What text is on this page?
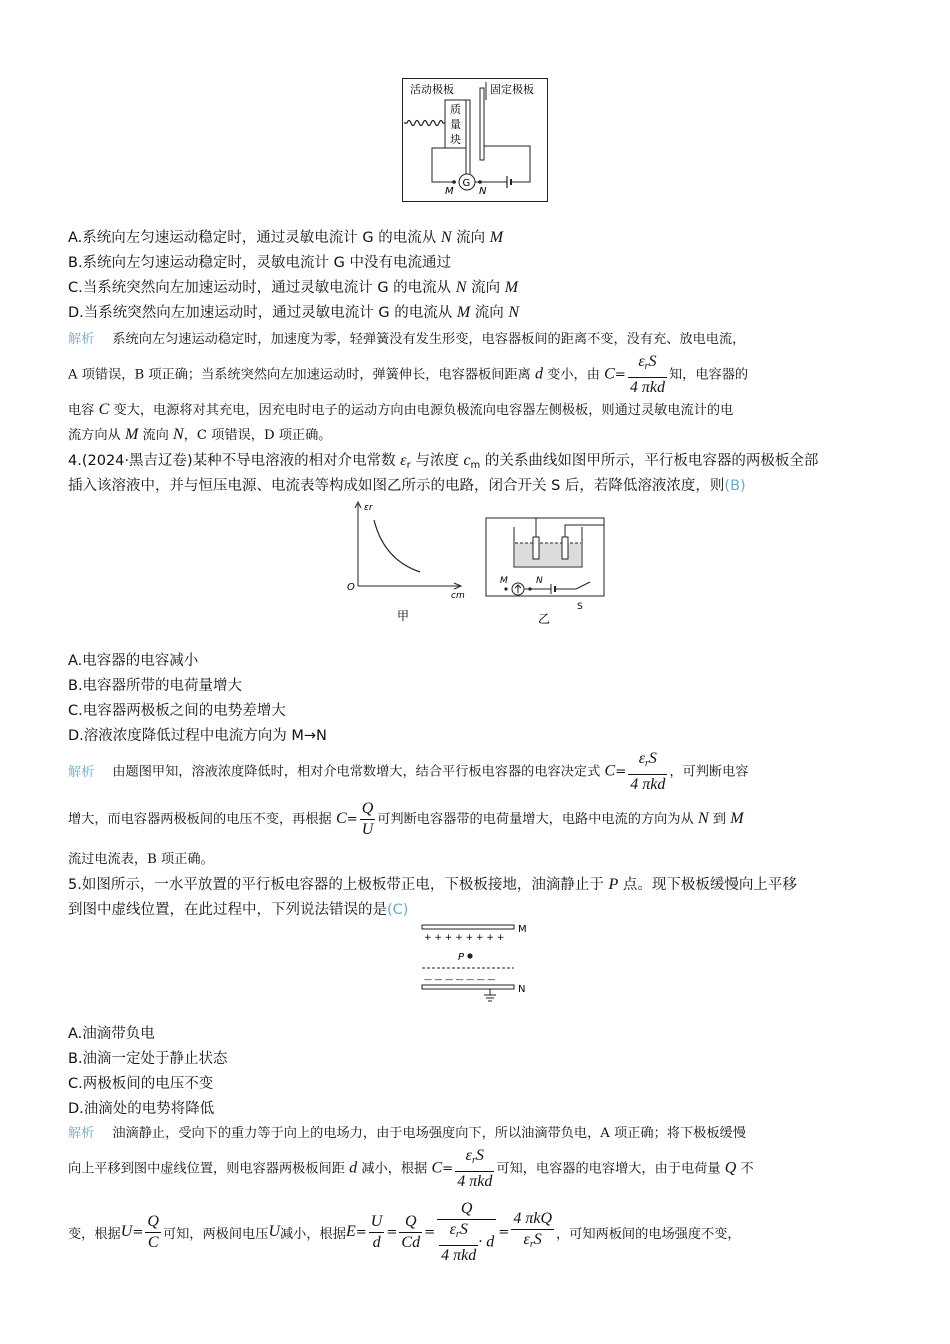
活动极板	固定极板
质
量
块
G
M	N
A.系统向左匀速运动稳定时，通过灵敏电流计 G 的电流从 N 流向 M
B.系统向左匀速运动稳定时，灵敏电流计 G 中没有电流通过
C.当系统突然向左加速运动时，通过灵敏电流计 G 的电流从 N 流向 M
D.当系统突然向左加速运动时，通过灵敏电流计 G 的电流从 M 流向 N
解析 系统向左匀速运动稳定时，加速度为零，轻弹簧没有发生形变，电容器板间的距离不变，没有充、放电电流，
A 项错误，B 项正确；当系统突然向左加速运动时，弹簧伸长，电容器板间距离 d 变小，由 $C= \frac{\varepsilon_rS}{\text{4 πkd}}$ 知，电容器的
电容 C 变大，电源将对其充电，因充电时电子的运动方向由电源负极流向电容器左侧极板，则通过灵敏电流计的电
流方向从 M 流向 N，C 项错误，D 项正确。
4.(2024·黑吉辽卷)某种不导电溶液的相对介电常数 $\varepsilon_r$ 与浓度 $c_m$ 的关系曲线如图甲所示，平行板电容器的两极板全部
插入该溶液中，并与恒压电源、电流表等构成如图乙所示的电路，闭合开关 S 后，若降低溶液浓度，则(B)
εr
cm
O
甲
M	N
S
乙
A.电容器的电容减小
B.电容器所带的电荷量增大
C.电容器两极板之间的电势差增大
D.溶液浓度降低过程中电流方向为 M→N
解析 由题图甲知，溶液浓度降低时，相对介电常数增大，结合平行板电容器的电容决定式 $C= \frac{\varepsilon_rS}{\text{4 πkd}}$ ，可判断电容
增大，而电容器两极板间的电压不变，再根据 $C= \frac{Q}{U}$ 可判断电容器带的电荷量增大，电路中电流的方向为从 N 到 M
流过电流表，B 项正确。
5.如图所示，一水平放置的平行板电容器的上极板带正电，下极板接地，油滴静止于 P 点。现下极板缓慢向上平移
到图中虚线位置，在此过程中，下列说法错误的是(C)
M
+ + + + + + + +
P
— — — — — — —
N
A.油滴带负电
B.油滴一定处于静止状态
C.两极板间的电压不变
D.油滴处的电势将降低
解析 油滴静止，受向下的重力等于向上的电场力，由于电场强度向下，所以油滴带负电，A 项正确；将下极板缓慢
向上平移到图中虚线位置，则电容器两极板间距 d 减小，根据 $C= \frac{\varepsilon_rS}{\text{4 πkd}}$ 可知，电容器的电容增大，由于电荷量 Q 不
变，根据 $U = \frac{Q}{C}$ 可知，两极间电压 U 减小，根据 $E = \frac{U}{d} = \frac{Q}{Cd} = \frac{Q}{\frac{\varepsilon_rS}{\text{4 πkd}} \cdot d} = \frac{\text{4 πkQ}}{\varepsilon_rS}$ ，可知两板间的电场强度不变，
